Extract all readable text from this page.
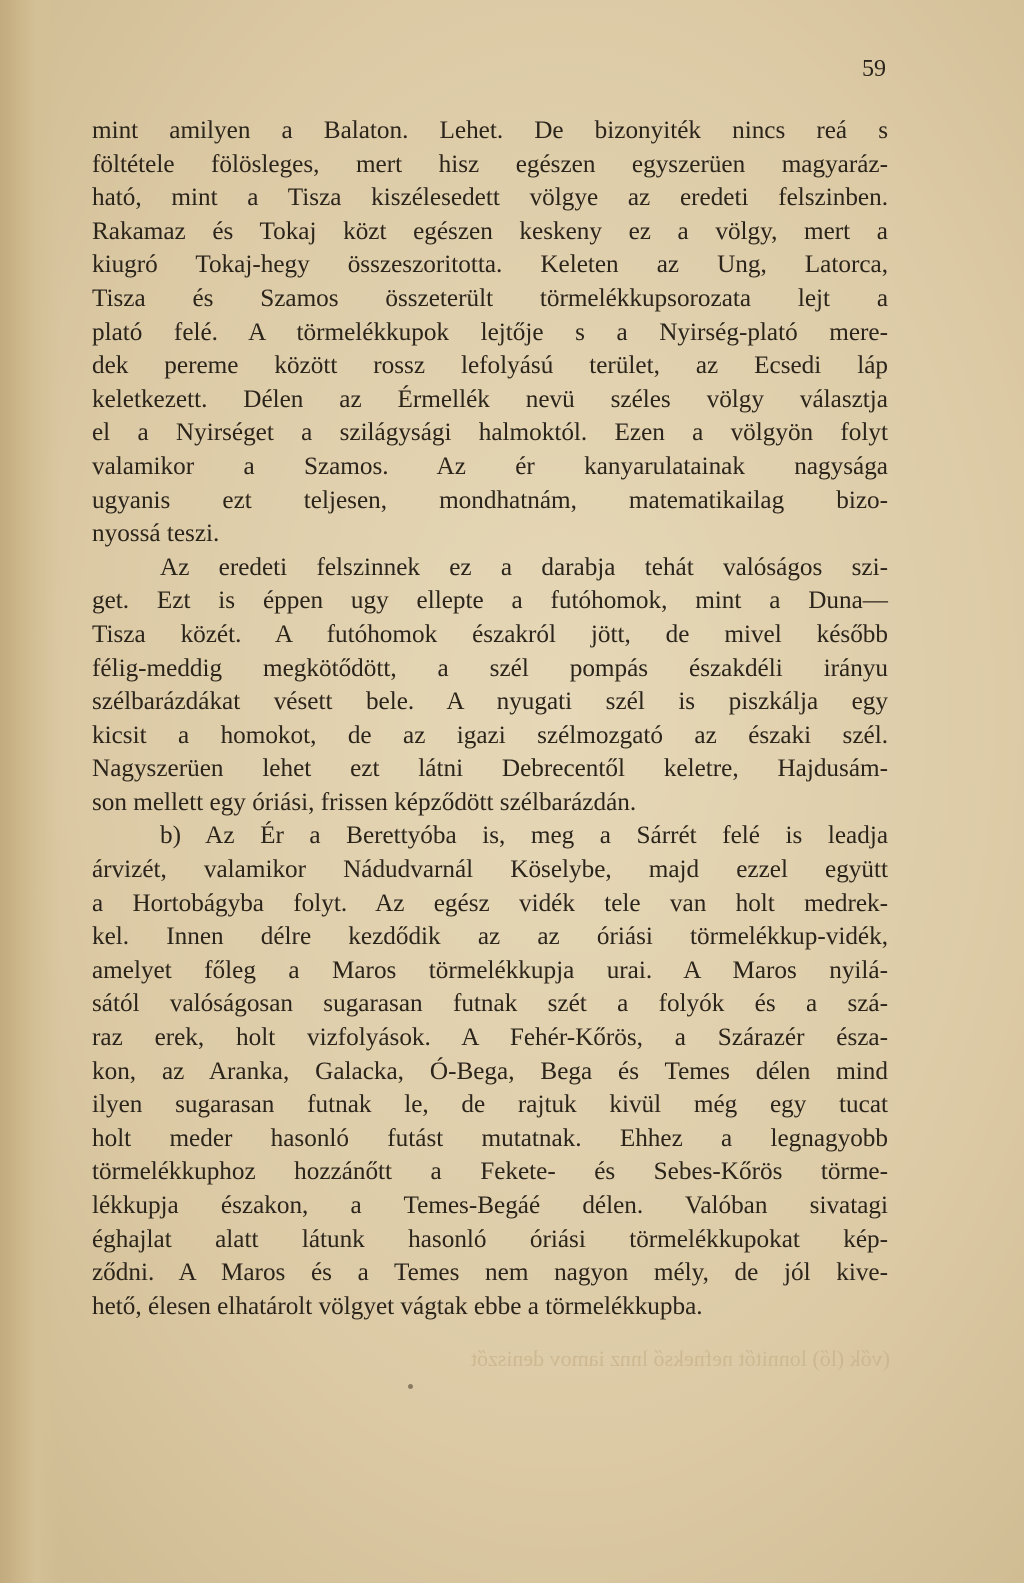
59
mint amilyen a Balaton. Lehet. De bizonyiték nincs reá s
föltétele fölösleges, mert hisz egészen egyszerüen magyaráz-
ható, mint a Tisza kiszélesedett völgye az eredeti felszinben.
Rakamaz és Tokaj közt egészen keskeny ez a völgy, mert a
kiugró Tokaj-hegy összeszoritotta. Keleten az Ung, Latorca,
Tisza és Szamos összeterült törmelékkupsorozata lejt a
plató felé. A törmelékkupok lejtője s a Nyirség-plató mere-
dek pereme között rossz lefolyású terület, az Ecsedi láp
keletkezett. Délen az Érmellék nevü széles völgy választja
el a Nyirséget a szilágysági halmoktól. Ezen a völgyön folyt
valamikor a Szamos. Az ér kanyarulatainak nagysága
ugyanis ezt teljesen, mondhatnám, matematikailag bizo-
nyossá teszi.
Az eredeti felszinnek ez a darabja tehát valóságos szi-
get. Ezt is éppen ugy ellepte a futóhomok, mint a Duna—
Tisza közét. A futóhomok északról jött, de mivel később
félig-meddig megkötődött, a szél pompás északdéli irányu
szélbarázdákat vésett bele. A nyugati szél is piszkálja egy
kicsit a homokot, de az igazi szélmozgató az északi szél.
Nagyszerüen lehet ezt látni Debrecentől keletre, Hajdusám-
son mellett egy óriási, frissen képződött szélbarázdán.
b) Az Ér a Berettyóba is, meg a Sárrét felé is leadja
árvizét, valamikor Nádudvarnál Köselybe, majd ezzel együtt
a Hortobágyba folyt. Az egész vidék tele van holt medrek-
kel. Innen délre kezdődik az az óriási törmelékkup-vidék,
amelyet főleg a Maros törmelékkupja urai. A Maros nyilá-
sától valóságosan sugarasan futnak szét a folyók és a szá-
raz erek, holt vizfolyások. A Fehér-Kőrös, a Szárazér észa-
kon, az Aranka, Galacka, Ó-Bega, Bega és Temes délen mind
ilyen sugarasan futnak le, de rajtuk kivül még egy tucat
holt meder hasonló futást mutatnak. Ehhez a legnagyobb
törmelékkuphoz hozzánőtt a Fekete- és Sebes-Kőrös törme-
lékkupja északon, a Temes-Begáé délen. Valóban sivatagi
éghajlat alatt látunk hasonló óriási törmelékkupokat kép-
ződni. A Maros és a Temes nem nagyon mély, de jól kive-
hető, élesen elhatárolt völgyet vágtak ebbe a törmelékkupba.
(vők (lő) lonnitőt nefnekső lnnz iamov deniszőt
